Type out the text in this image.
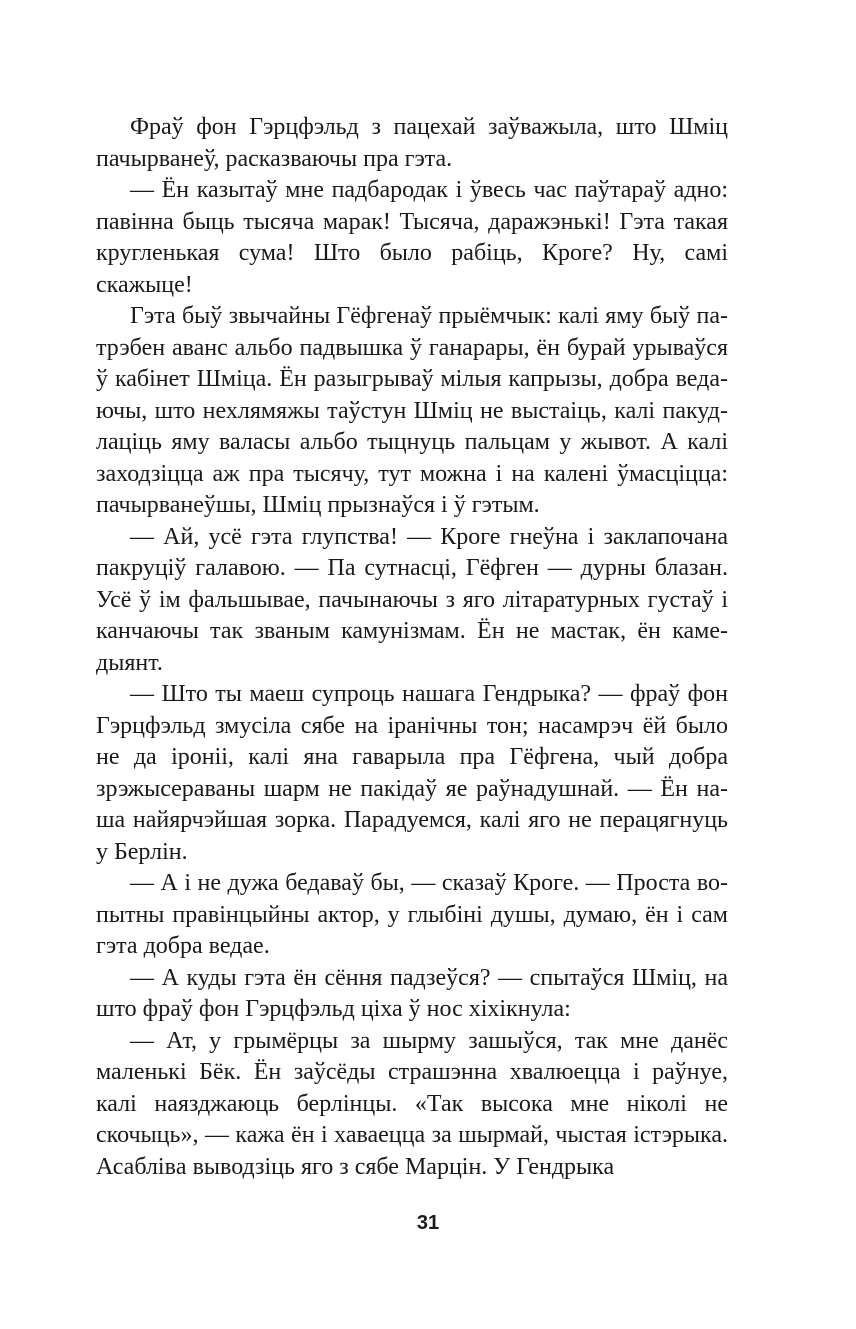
Фраў фон Гэрцфэльд з пацехай заўважыла, што Шміц пачырванеў, расказваючы пра гэта.

— Ён казытаў мне падбародак і ўвесь час паўтараў адно: павінна быць тысяча марак! Тысяча, даражэнькі! Гэта такая кругленькая сума! Што было рабіць, Кроге? Ну, самі скажыце!

Гэта быў звычайны Гёфгенаў прыёмчык: калі яму быў патрэбен аванс альбо падвышка ў ганарары, ён бурай урываўся ў кабінет Шміца. Ён разыгрываў мілыя капрызы, добра ведаючы, што нехлямяжы таўстун Шміц не выстаіць, калі пакудлаціць яму валасы альбо тыцнуць пальцам у жывот. А калі заходзіцца аж пра тысячу, тут можна і на калені ўмасціцца: пачырванеўшы, Шміц прызнаўся і ў гэтым.

— Ай, усё гэта глупства! — Кроге гнеўна і заклапочана пакруціў галавою. — Па сутнасці, Гёфген — дурны блазан. Усё ў ім фальшывае, пачынаючы з яго літаратурных густаў і канчаючы так званым камунізмам. Ён не мастак, ён камедыянт.

— Што ты маеш супроць нашага Гендрыка? — фраў фон Гэрцфэльд змусіла сябе на іранічны тон; насамрэч ёй было не да іроніі, калі яна гаварыла пра Гёфгена, чый добра зрэжысераваны шарм не пакідаў яе раўнадушнай. — Ён наша найярчэйшая зорка. Парадуемся, калі яго не перацягнуць у Берлін.

— А і не дужа бедаваў бы, — сказаў Кроге. — Проста вопытны правінцыйны актор, у глыбіні душы, думаю, ён і сам гэта добра ведае.

— А куды гэта ён сёння падзеўся? — спытаўся Шміц, на што фраў фон Гэрцфэльд ціха ў нос хіхікнула:

— Ат, у грымёрцы за шырму зашыўся, так мне данёс маленькі Бёк. Ён заўсёды страшэнна хвалюецца і раўнуе, калі наязджаюць берлінцы. «Так высока мне ніколі не скочыць», — кажа ён і хаваецца за шырмай, чыстая істэрыка. Асаблівa выводзіць яго з сябе Марцін. У Гендрыка

31
